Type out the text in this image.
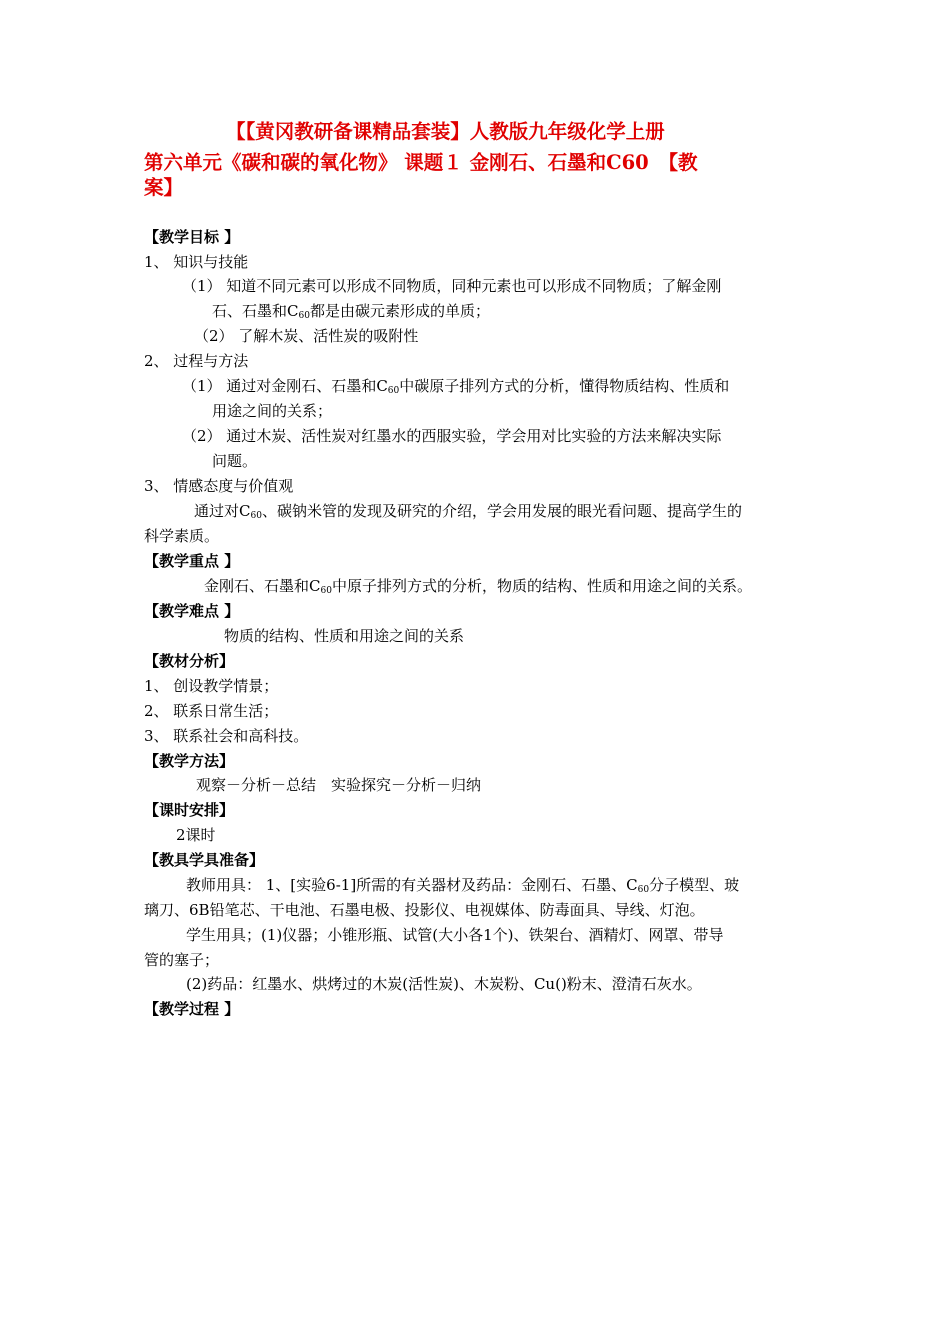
【【黄冈教研备课精品套装】人教版九年级化学上册
第六单元《碳和碳的氧化物》 课题１ 金刚石、石墨和C60　【教
案】
【教学目标 】
1、 知识与技能
（1） 知道不同元素可以形成不同物质，同种元素也可以形成不同物质；了解金刚
石、石墨和$C_{60}$都是由碳元素形成的单质；
（2） 了解木炭、活性炭的吸附性
2、 过程与方法
（1） 通过对金刚石、石墨和$C_{60}$中碳原子排列方式的分析，懂得物质结构、性质和
用途之间的关系；
（2） 通过木炭、活性炭对红墨水的西服实验，学会用对比实验的方法来解决实际
问题。
3、 情感态度与价值观
通过对$C_{60}$、碳钠米管的发现及研究的介绍，学会用发展的眼光看问题、提高学生的
科学素质。
【教学重点 】
金刚石、石墨和$C_{60}$中原子排列方式的分析，物质的结构、性质和用途之间的关系。
【教学难点 】
物质的结构、性质和用途之间的关系
【教材分析】
1、 创设教学情景；
2、 联系日常生活；
3、 联系社会和高科技。
【教学方法】
观察－分析－总结　实验探究－分析－归纳
【课时安排】
2课时
【教具学具准备】
教师用具： 1、[实验6-1]所需的有关器材及药品：金刚石、石墨、$C_{60}$分子模型、玻
璃刀、6B铅笔芯、干电池、石墨电极、投影仪、电视媒体、防毒面具、导线、灯泡。
学生用具；(1)仪器；小锥形瓶、试管(大小各1个)、铁架台、酒精灯、网罩、带导
管的塞子；
(2)药品：红墨水、烘烤过的木炭(活性炭)、木炭粉、Cu()粉末、澄清石灰水。
【教学过程 】
